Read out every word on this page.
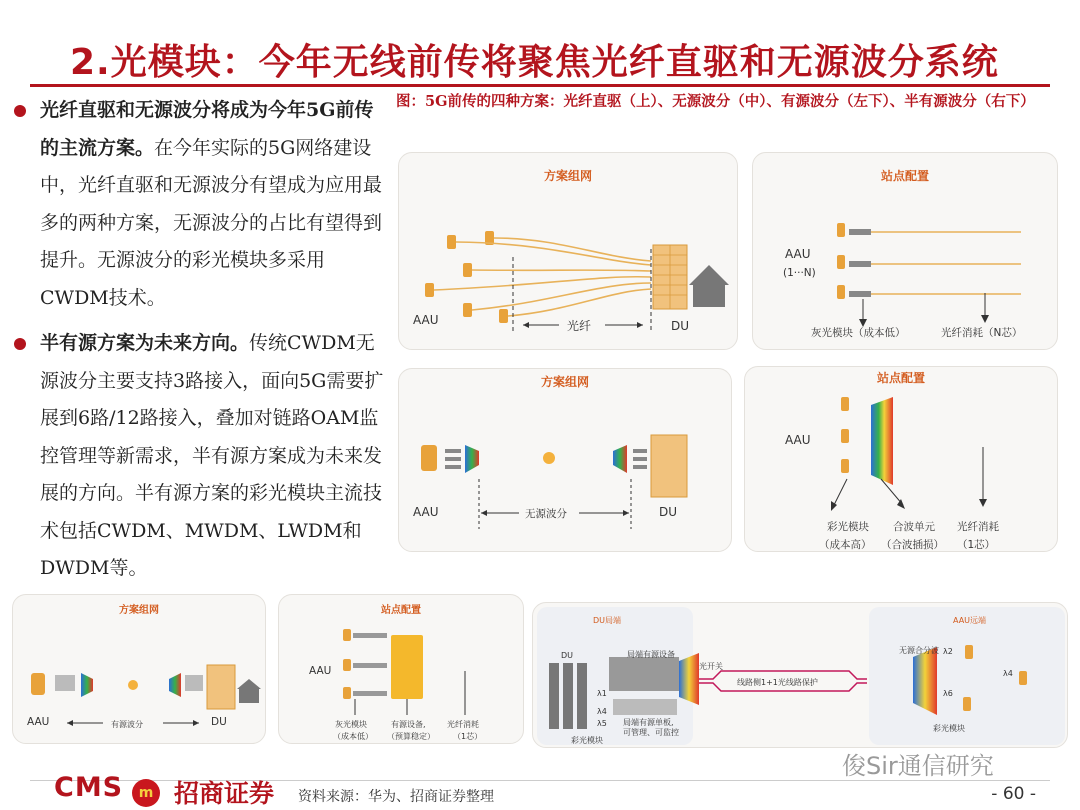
2.光模块：今年无线前传将聚焦光纤直驱和无源波分系统
光纤直驱和无源波分将成为今年5G前传的主流方案。在今年实际的5G网络建设中，光纤直驱和无源波分有望成为应用最多的两种方案，无源波分的占比有望得到提升。无源波分的彩光模块多采用CWDM技术。
半有源方案为未来方向。传统CWDM无源波分主要支持3路接入，面向5G需要扩展到6路/12路接入，叠加对链路OAM监控管理等新需求，半有源方案成为未来发展的方向。半有源方案的彩光模块主流技术包括CWDM、MWDM、LWDM和DWDM等。
图：5G前传的四种方案：光纤直驱（上）、无源波分（中）、有源波分（左下）、半有源波分（右下）
方案组网
AAU	光纤	DU
站点配置
AAU
(1···N)
灰光模块（成本低）	光纤消耗（N芯）
方案组网
AAU	无源波分	DU
站点配置
AAU
彩光模块
（成本高）
合波单元
（合波插损）
光纤消耗
（1芯）
方案组网
AAU	有源波分	DU
站点配置
AAU
灰光模块
（成本低）
有源设备,
（预算稳定）
光纤消耗
（1芯）
DU局端	AAU远端
DU	局端有源设备
光开关
线路侧1+1光线路保护
无源合分波
λ1
λ4
λ5
λ2
λ4
λ6
局端有源单板,
可管理、可监控
彩光模块
彩光模块
俊Sir通信研究
CMS	m 招商证券 资料来源：华为、招商证券整理	- 60 -
